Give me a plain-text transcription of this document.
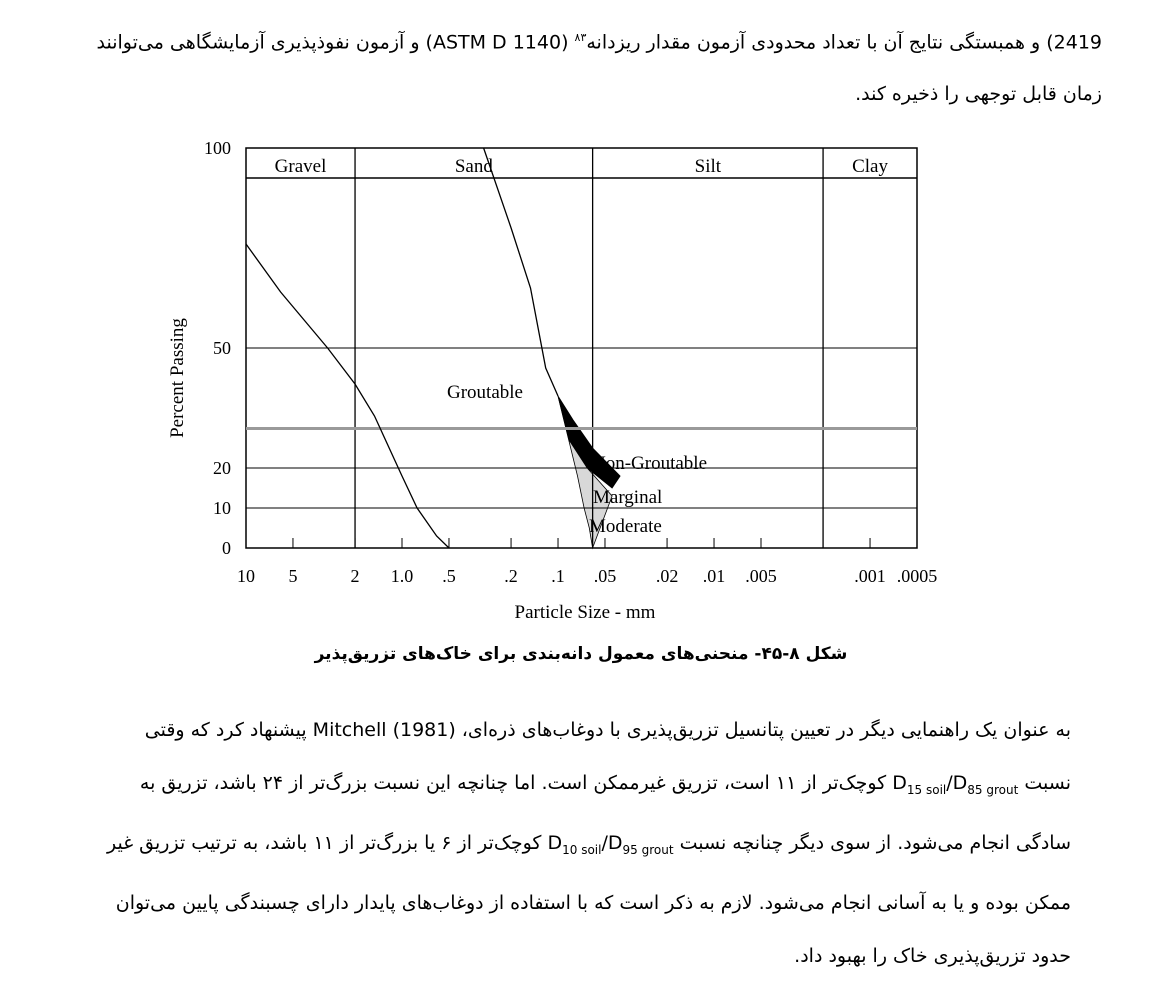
2419) و همبستگی نتایج آن با تعداد محدودی آزمون مقدار ریزدانه$^{۸۳}$ (ASTM D 1140) و آزمون نفوذپذیری آزمایشگاهی می‌توانند
زمان قابل توجهی را ذخیره کند.
100
50
20
10
0
10 5	2 1.0 .5	.2 .1 .05 .02 .01 .005	.001 .0005
Gravel	Sand	Silt	Clay
Groutable
Non-Groutable
Marginal
Moderate
Particle Size - mm
Percent Passing
شکل ۸-۴۵- منحنی‌های معمول دانه‌بندی برای خاک‌های تزریق‌پذیر
به عنوان یک راهنمایی دیگر در تعیین پتانسیل تزریق‌پذیری با دوغاب‌های ذره‌ای، Mitchell (1981) پیشنهاد کرد که وقتی
نسبت $D_{15 soil}/D_{85 grout}$ کوچک‌تر از ۱۱ است، تزریق غیرممکن است. اما چنانچه این نسبت بزرگ‌تر از ۲۴ باشد، تزریق به
سادگی انجام می‌شود. از سوی دیگر چنانچه نسبت $D_{10 soil}/D_{95 grout}$ کوچک‌تر از ۶ یا بزرگ‌تر از ۱۱ باشد، به ترتیب تزریق غیر
ممکن بوده و یا به آسانی انجام می‌شود. لازم به ذکر است که با استفاده از دوغاب‌های پایدار دارای چسبندگی پایین می‌توان
حدود تزریق‌پذیری خاک را بهبود داد.
